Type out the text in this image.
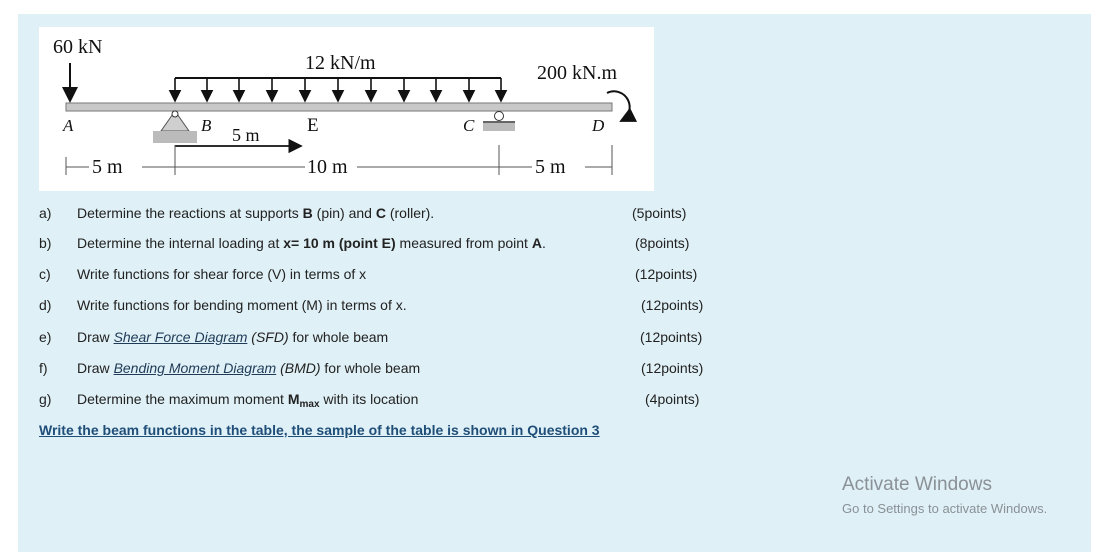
60 kN
12 kN/m	200 kN.m
A	B	E	C	D
5 m
5 m	10 m	5 m
a) Determine the reactions at supports B (pin) and C (roller).	(5points)
b) Determine the internal loading at x= 10 m (point E) measured from point A.	(8points)
c) Write functions for shear force (V) in terms of x	(12points)
d) Write functions for bending moment (M) in terms of x.	(12points)
e) Draw Shear Force Diagram (SFD) for whole beam	(12points)
f) Draw Bending Moment Diagram (BMD) for whole beam	(12points)
g) Determine the maximum moment $M_{max}$ with its location	(4points)
Write the beam functions in the table, the sample of the table is shown in Question 3
Activate Windows
Go to Settings to activate Windows.
